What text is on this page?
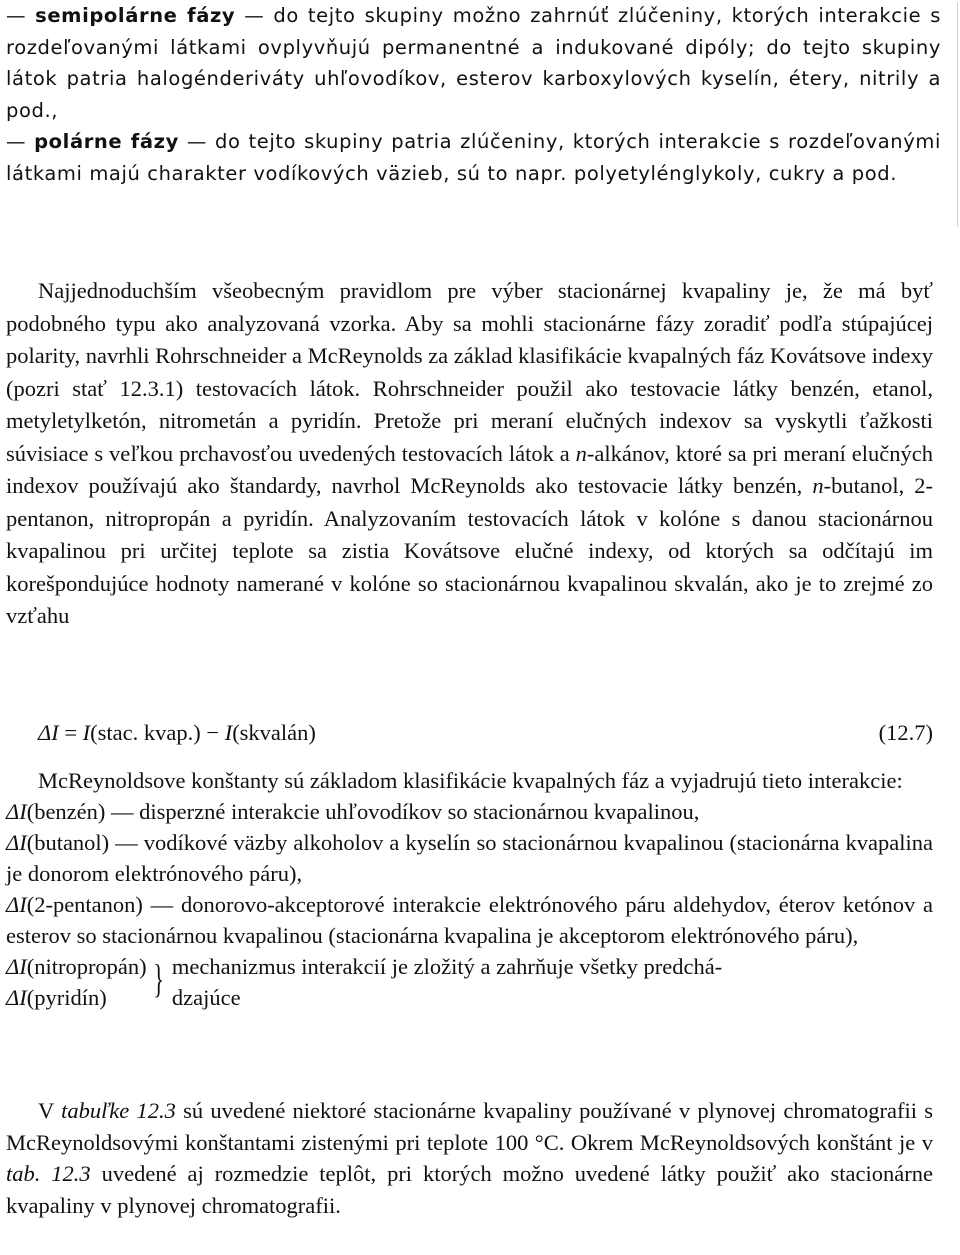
— semipolárne fázy — do tejto skupiny možno zahrnúť zlúčeniny, ktorých interakcie s rozdeľovanými látkami ovplyvňujú permanentné a indukované dipóly; do tejto skupiny látok patria halogénderiváty uhľovodíkov, esterov karboxylových kyselín, étery, nitrily a pod.,

— polárne fázy — do tejto skupiny patria zlúčeniny, ktorých interakcie s rozdeľovanými látkami majú charakter vodíkových väzieb, sú to napr. polyetylénglykoly, cukry a pod.

Najjednoduchším všeobecným pravidlom pre výber stacionárnej kvapaliny je, že má byť podobného typu ako analyzovaná vzorka. Aby sa mohli stacionárne fázy zoradiť podľa stúpajúcej polarity, navrhli Rohrschneider a McReynolds za základ klasifikácie kvapalných fáz Kovátsove indexy (pozri stať 12.3.1) testovacích látok. Rohrschneider použil ako testovacie látky benzén, etanol, metyletylketón, nitrometán a pyridín. Pretože pri meraní elučných indexov sa vyskytli ťažkosti súvisiace s veľkou prchavosťou uvedených testovacích látok a n-alkánov, ktoré sa pri meraní elučných indexov používajú ako štandardy, navrhol McReynolds ako testovacie látky benzén, n-butanol, 2-pentanon, nitropropán a pyridín. Analyzovaním testovacích látok v kolóne s danou stacionárnou kvapalinou pri určitej teplote sa zistia Kovátsove elučné indexy, od ktorých sa odčítajú im korešpondujúce hodnoty namerané v kolóne so stacionárnou kvapalinou skvalán, ako je to zrejmé zo vzťahu

ΔI = I(stac. kvap.) − I(skvalán)	(12.7)

McReynoldsove konštanty sú základom klasifikácie kvapalných fáz a vyjadrujú tieto interakcie:

ΔI(benzén) — disperzné interakcie uhľovodíkov so stacionárnou kvapalinou,

ΔI(butanol) — vodíkové väzby alkoholov a kyselín so stacionárnou kvapalinou (stacionárna kvapalina je donorom elektrónového páru),

ΔI(2-pentanon) — donorovo-akceptorové interakcie elektrónového páru aldehydov, éterov ketónov a esterov so stacionárnou kvapalinou (stacionárna kvapalina je akceptorom elektrónového páru),

ΔI(nitropropán)
ΔI(pyridín)	} mechanizmus interakcií je zložitý a zahrňuje všetky predchá-
dzajúce

V tabuľke 12.3 sú uvedené niektoré stacionárne kvapaliny používané v plynovej chromatografii s McReynoldsovými konštantami zistenými pri teplote 100 °C. Okrem McReynoldsových konštánt je v tab. 12.3 uvedené aj rozmedzie teplôt, pri ktorých možno uvedené látky použiť ako stacionárne kvapaliny v plynovej chromatografii.
